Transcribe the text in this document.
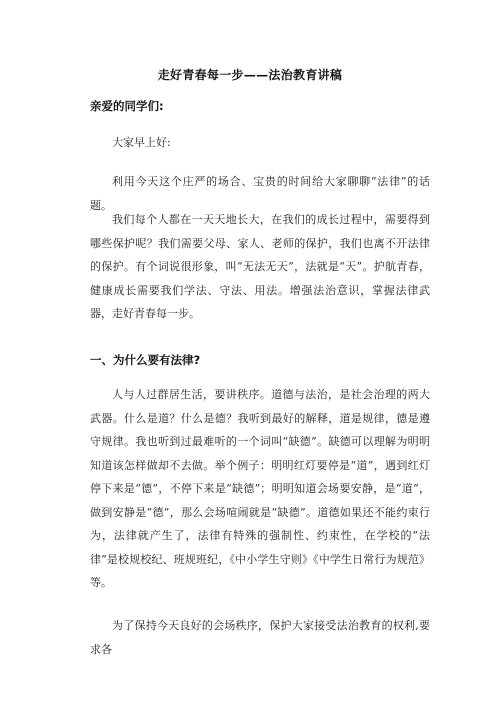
走好青春每一步——法治教育讲稿
亲爱的同学们:

大家早上好:

利用今天这个庄严的场合、宝贵的时间给大家聊聊“法律”的话题。

我们每个人都在一天天地长大，在我们的成长过程中，需要得到哪些保护呢？我们需要父母、家人、老师的保护，我们也离不开法律的保护。有个词说很形象，叫“无法无天”，法就是“天”。护航青春，健康成长需要我们学法、守法、用法。增强法治意识，掌握法律武器，走好青春每一步。

一、为什么要有法律?

人与人过群居生活，要讲秩序。道德与法治，是社会治理的两大武器。什么是道？什么是德？我听到最好的解释，道是规律，德是遵守规律。我也听到过最难听的一个词叫“缺德”。缺德可以理解为明明知道该怎样做却不去做。举个例子：明明红灯要停是“道”，遇到红灯停下来是“德”，不停下来是“缺德”；明明知道会场要安静，是“道”，做到安静是“德”，那么会场喧闹就是“缺德”。道德如果还不能约束行为，法律就产生了，法律有特殊的强制性、约束性，在学校的“法律”是校规校纪、班规班纪，《中小学生守则》《中学生日常行为规范》等。

为了保持今天良好的会场秩序，保护大家接受法治教育的权利,要求各
